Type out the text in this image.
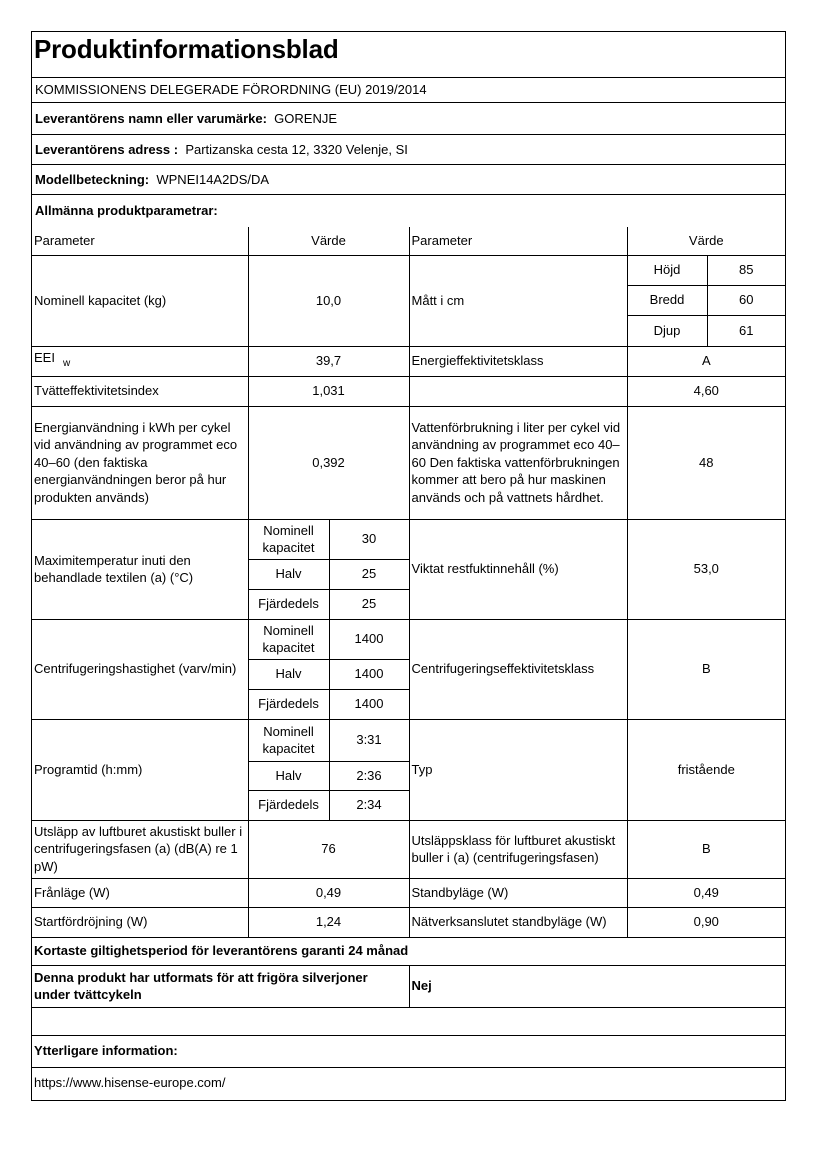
Produktinformationsblad
KOMMISSIONENS DELEGERADE FÖRORDNING (EU) 2019/2014
Leverantörens namn eller varumärke: GORENJE
Leverantörens adress : Partizanska cesta 12, 3320 Velenje, SI
Modellbeteckning: WPNEI14A2DS/DA
Allmänna produktparametrar:
Parameter	Värde		Parameter	Värde	
Nominell kapacitet (kg)	10,0		Mått i cm	Höjd	85
				Bredd	60
				Djup	61
EEI $_w$	39,7		Energieffektivitetsklass	A	
Tvätteffektivitetsindex	1,031			4,60	
Energianvändning i kWh per cykel vid användning av programmet eco 40–60 (den faktiska energianvändningen beror på hur produkten används)	0,392		Vattenförbrukning i liter per cykel vid användning av programmet eco 40–60 Den faktiska vattenförbrukningen kommer att bero på hur maskinen används och på vattnets hårdhet.	48	
Maximitemperatur inuti den behandlade textilen (a) (°C)	Nominell kapacitet	30	Viktat restfuktinnehåll (%)	53,0	
	Halv	25			
	Fjärdedels	25			
Centrifugeringshastighet (varv/min)	Nominell kapacitet	1400	Centrifugeringseffektivitetsklass	B	
	Halv	1400			
	Fjärdedels	1400			
Programtid (h:mm)	Nominell kapacitet	3:31	Typ	fristående	
	Halv	2:36			
	Fjärdedels	2:34			
Utsläpp av luftburet akustiskt buller i centrifugeringsfasen (a) (dB(A) re 1 pW)	76		Utsläppsklass för luftburet akustiskt buller i (a) (centrifugeringsfasen)	B	
Frånläge (W)	0,49		Standbyläge (W)	0,49	
Startfördröjning (W)	1,24		Nätverksanslutet standbyläge (W)	0,90	
Kortaste giltighetsperiod för leverantörens garanti 24 månad					
Denna produkt har utformats för att frigöra silverjoner under tvättcykeln			Nej		

Ytterligare information:					
https://www.hisense-europe.com/					
